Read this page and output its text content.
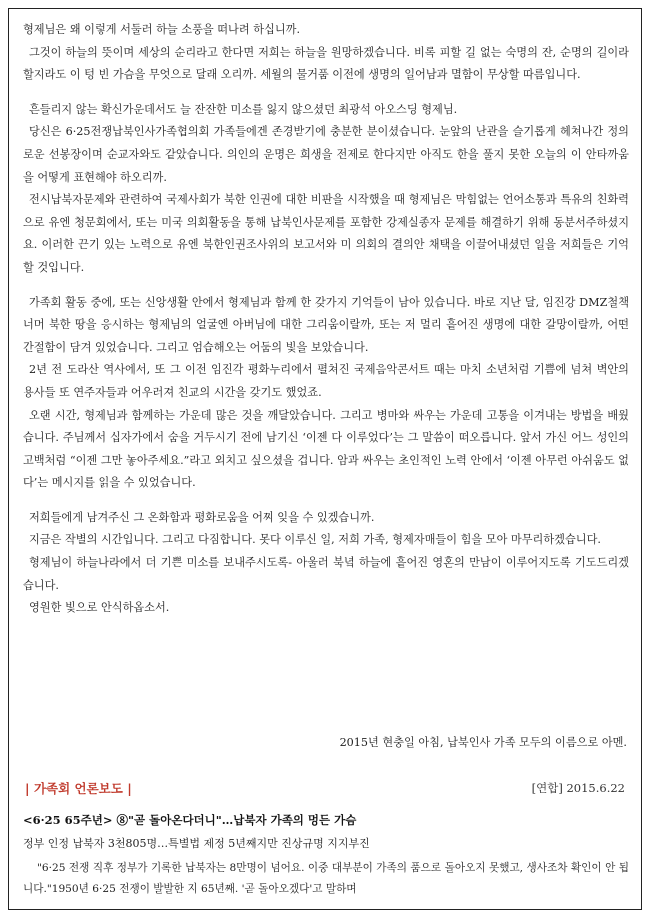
형제님은 왜 이렇게 서둘러 하늘 소풍을 떠나려 하십니까.

그것이 하늘의 뜻이며 세상의 순리라고 한다면 저희는 하늘을 원망하겠습니다. 비록 피할 길 없는 숙명의 잔, 순명의 길이라 할지라도 이 텅 빈 가슴을 무엇으로 달래 오리까. 세월의 물거품 이전에 생명의 일어남과 멸함이 무상할 따름입니다.

흔들리지 않는 확신가운데서도 늘 잔잔한 미소를 잃지 않으셨던 최광석 아오스딩 형제님.

당신은 6·25전쟁납북인사가족협의회 가족들에겐 존경받기에 충분한 분이셨습니다. 눈앞의 난관을 슬기롭게 헤쳐나간 정의로운 선봉장이며 순교자와도 같았습니다. 의인의 운명은 희생을 전제로 한다지만 아직도 한을 풀지 못한 오늘의 이 안타까움을 어떻게 표현해야 하오리까.

전시납북자문제와 관련하여 국제사회가 북한 인권에 대한 비판을 시작했을 때 형제님은 막힘없는 언어소통과 특유의 친화력으로 유엔 청문회에서, 또는 미국 의회활동을 통해 납북인사문제를 포함한 강제실종자 문제를 해결하기 위해 동분서주하셨지요. 이러한 끈기 있는 노력으로 유엔 북한인권조사위의 보고서와 미 의회의 결의안 채택을 이끌어내셨던 일을 저희들은 기억할 것입니다.

가족회 활동 중에, 또는 신앙생활 안에서 형제님과 함께 한 갖가지 기억들이 남아 있습니다. 바로 지난 달, 임진강 DMZ철책너머 북한 땅을 응시하는 형제님의 얼굴엔 아버님에 대한 그리움이랄까, 또는 저 멀리 흩어진 생명에 대한 갈망이랄까, 어떤 간절함이 담겨 있었습니다. 그리고 엄습해오는 어둠의 빛을 보았습니다.

2년 전 도라산 역사에서, 또 그 이전 임진각 평화누리에서 펼쳐진 국제음악콘서트 때는 마치 소년처럼 기쁨에 넘쳐 벽안의 용사들 또 연주자들과 어우러져 친교의 시간을 갖기도 했었죠.

오랜 시간, 형제님과 함께하는 가운데 많은 것을 깨달았습니다. 그리고 병마와 싸우는 가운데 고통을 이겨내는 방법을 배웠습니다. 주님께서 십자가에서 숨을 거두시기 전에 남기신 ‘이젠 다 이루었다’는 그 말씀이 떠오릅니다. 앞서 가신 어느 성인의 고백처럼 “이젠 그만 놓아주세요.”라고 외치고 싶으셨을 겁니다. 암과 싸우는 초인적인 노력 안에서 ‘이젠 아무런 아쉬움도 없다’는 메시지를 읽을 수 있었습니다.

저희들에게 남겨주신 그 온화함과 평화로움을 어찌 잊을 수 있겠습니까.

지금은 작별의 시간입니다. 그리고 다짐합니다. 못다 이루신 일, 저희 가족, 형제자매들이 힘을 모아 마무리하겠습니다.

형제님이 하늘나라에서 더 기쁜 미소를 보내주시도록- 아울러 북녘 하늘에 흩어진 영혼의 만남이 이루어지도록 기도드리겠습니다.

영원한 빛으로 안식하옵소서.

2015년 현충일 아침, 납북인사 가족 모두의 이름으로 아멘.
| 가족회 언론보도 |	[연합] 2015.6.22
<6·25 65주년> ⑧"곧 돌아온다더니"…납북자 가족의 멍든 가슴
정부 인정 납북자 3천805명…특별법 제정 5년째지만 진상규명 지지부진
"6·25 전쟁 직후 정부가 기록한 납북자는 8만명이 넘어요. 이중 대부분이 가족의 품으로 돌아오지 못했고, 생사조차 확인이 안 됩니다."1950년 6·25 전쟁이 발발한 지 65년째. '곧 돌아오겠다'고 말하며
